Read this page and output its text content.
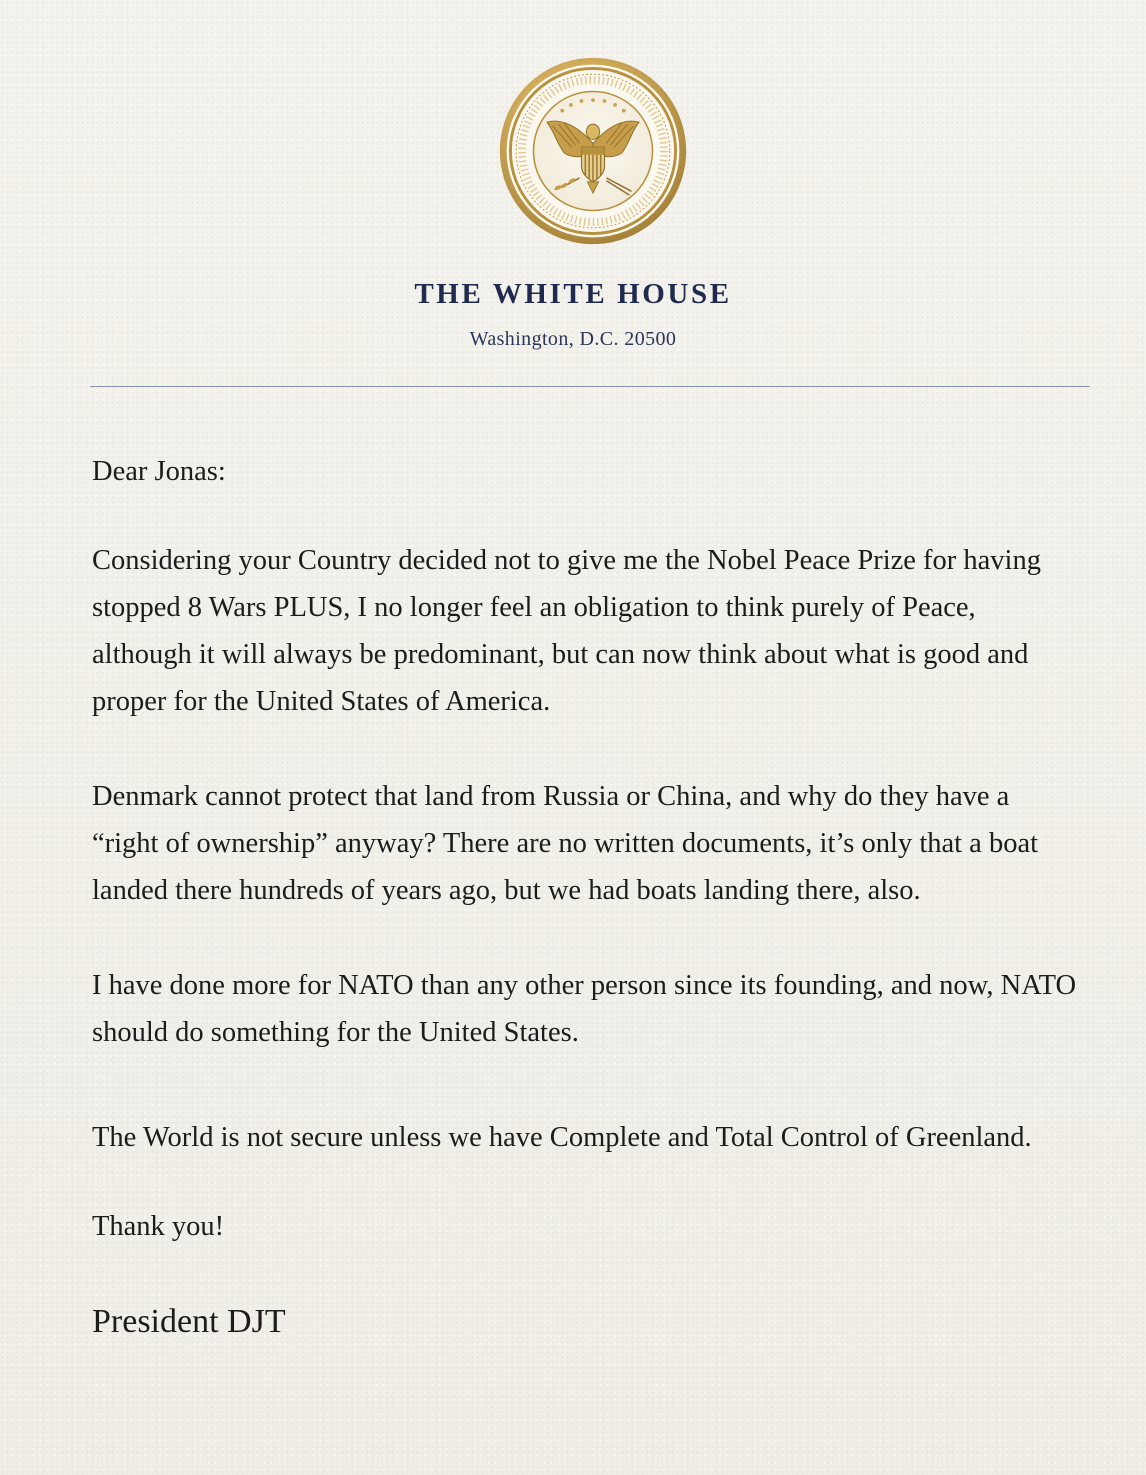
THE WHITE HOUSE
Washington, D.C. 20500

Dear Jonas:

Considering your Country decided not to give me the Nobel Peace Prize for having stopped 8 Wars PLUS, I no longer feel an obligation to think purely of Peace, although it will always be predominant, but can now think about what is good and proper for the United States of America.

Denmark cannot protect that land from Russia or China, and why do they have a “right of ownership” anyway? There are no written documents, it’s only that a boat landed there hundreds of years ago, but we had boats landing there, also.

I have done more for NATO than any other person since its founding, and now, NATO should do something for the United States.

The World is not secure unless we have Complete and Total Control of Greenland.

Thank you!

President DJT
